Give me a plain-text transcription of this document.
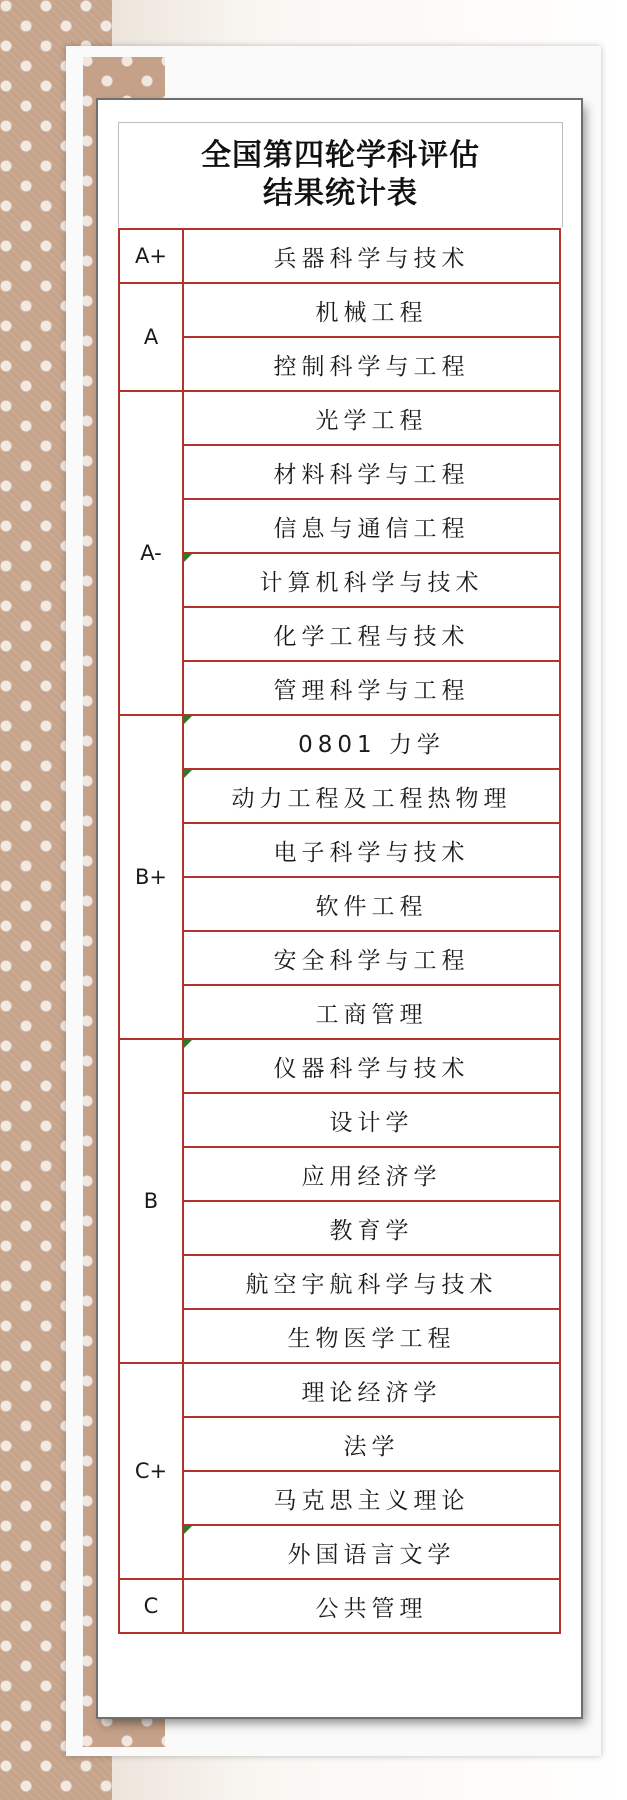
全国第四轮学科评估
结果统计表
A+	兵器科学与技术
A	机械工程
	控制科学与工程
A-	光学工程
	材料科学与工程
	信息与通信工程
	计算机科学与技术

	化学工程与技术
	管理科学与工程
B+	0801 力学

	动力工程及工程热物理

	电子科学与技术
	软件工程
	安全科学与工程
	工商管理
B	仪器科学与技术

	设计学
	应用经济学
	教育学
	航空宇航科学与技术
	生物医学工程
C+	理论经济学
	法学
	马克思主义理论
	外国语言文学

C	公共管理
